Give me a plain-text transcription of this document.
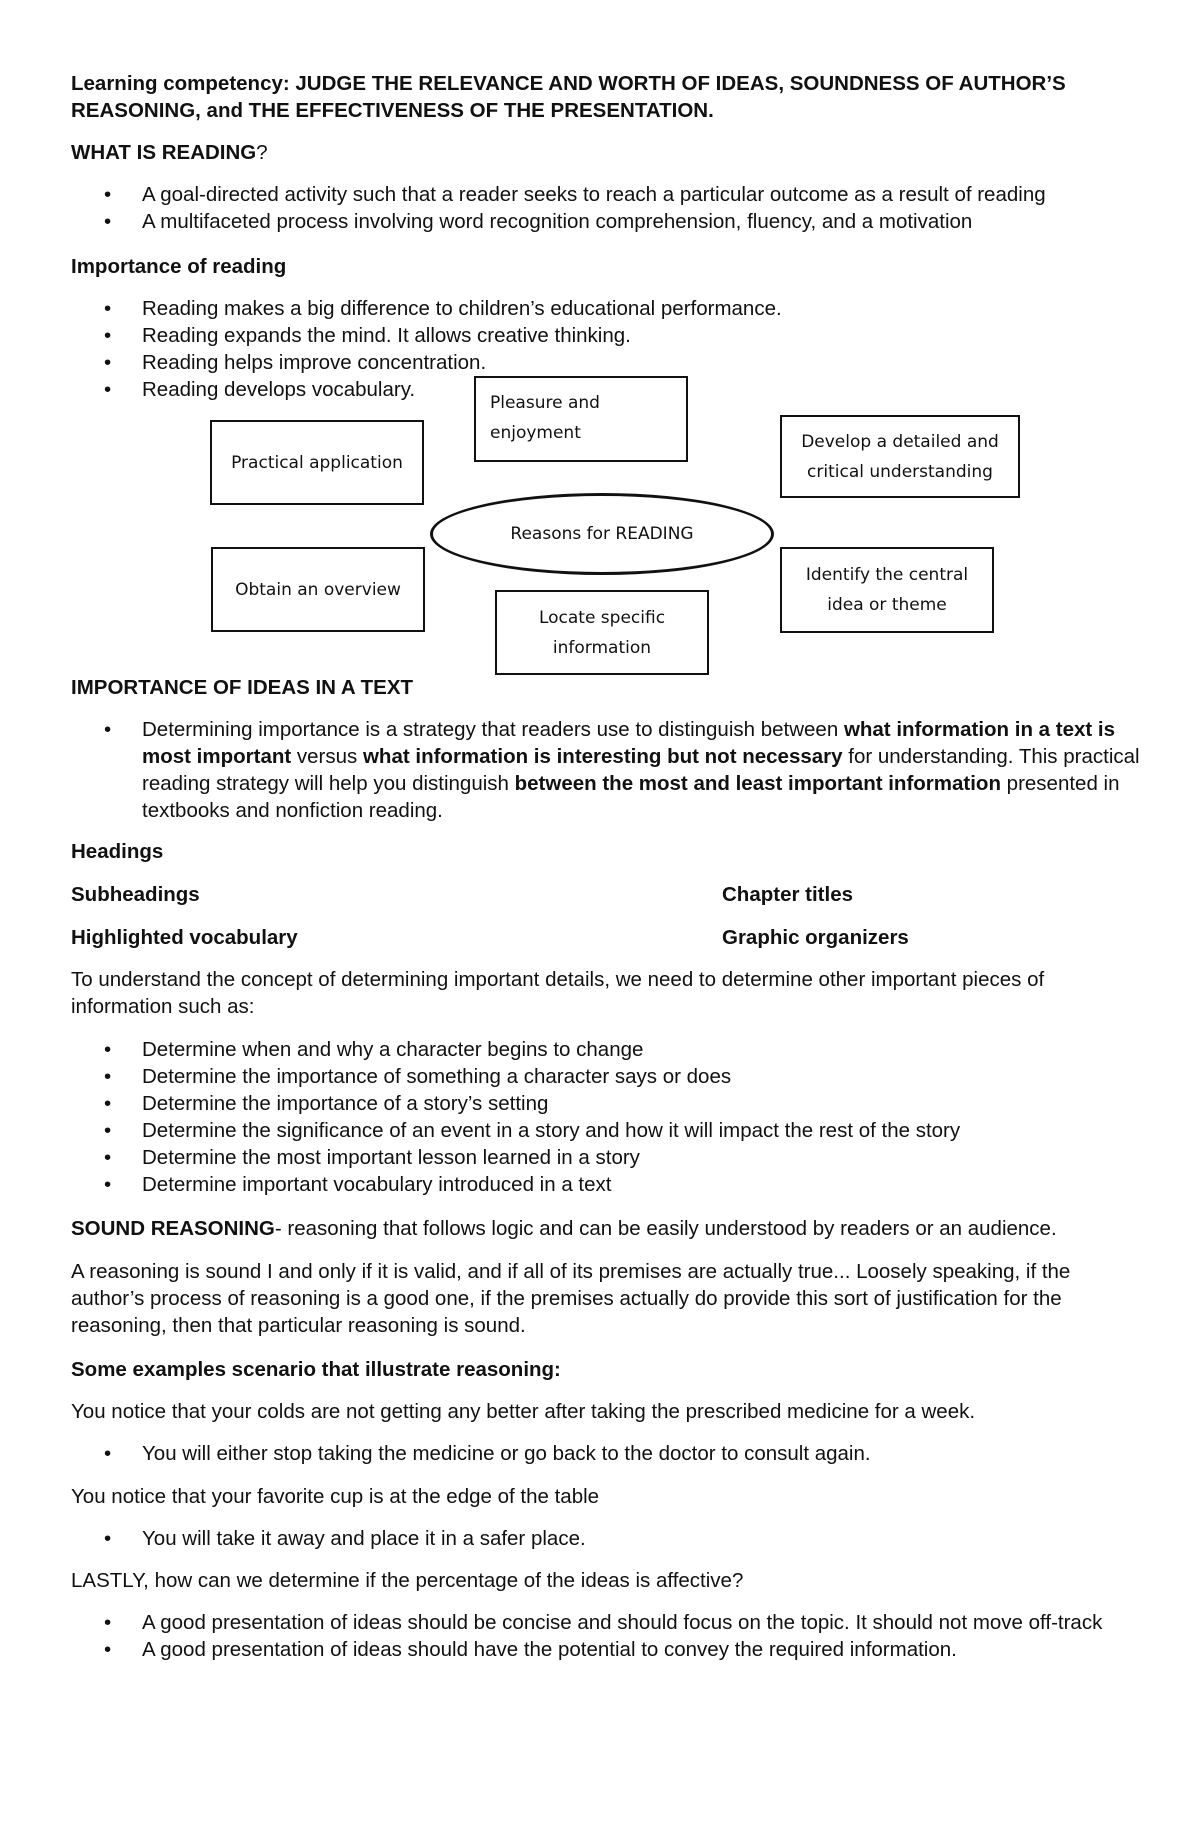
Learning competency: JUDGE THE RELEVANCE AND WORTH OF IDEAS, SOUNDNESS OF AUTHOR’S
REASONING, and THE EFFECTIVENESS OF THE PRESENTATION.
WHAT IS READING?
• A goal-directed activity such that a reader seeks to reach a particular outcome as a result of reading
• A multifaceted process involving word recognition comprehension, fluency, and a motivation
Importance of reading
• Reading makes a big difference to children’s educational performance.
• Reading expands the mind. It allows creative thinking.
• Reading helps improve concentration.
• Reading develops vocabulary.
Pleasure and
enjoyment
Practical application
Develop a detailed and
critical understanding
Reasons for READING
Obtain an overview
Identify the central
idea or theme
Locate specific
information
IMPORTANCE OF IDEAS IN A TEXT
• Determining importance is a strategy that readers use to distinguish between what information in a text is most important versus what information is interesting but not necessary for understanding. This practical reading strategy will help you distinguish between the most and least important information presented in textbooks and nonfiction reading.
Headings
Subheadings	Chapter titles
Highlighted vocabulary	Graphic organizers
To understand the concept of determining important details, we need to determine other important pieces of information such as:
• Determine when and why a character begins to change
• Determine the importance of something a character says or does
• Determine the importance of a story’s setting
• Determine the significance of an event in a story and how it will impact the rest of the story
• Determine the most important lesson learned in a story
• Determine important vocabulary introduced in a text
SOUND REASONING- reasoning that follows logic and can be easily understood by readers or an audience.
A reasoning is sound I and only if it is valid, and if all of its premises are actually true... Loosely speaking, if the author’s process of reasoning is a good one, if the premises actually do provide this sort of justification for the reasoning, then that particular reasoning is sound.
Some examples scenario that illustrate reasoning:
You notice that your colds are not getting any better after taking the prescribed medicine for a week.
• You will either stop taking the medicine or go back to the doctor to consult again.
You notice that your favorite cup is at the edge of the table
• You will take it away and place it in a safer place.
LASTLY, how can we determine if the percentage of the ideas is affective?
• A good presentation of ideas should be concise and should focus on the topic. It should not move off-track
• A good presentation of ideas should have the potential to convey the required information.
